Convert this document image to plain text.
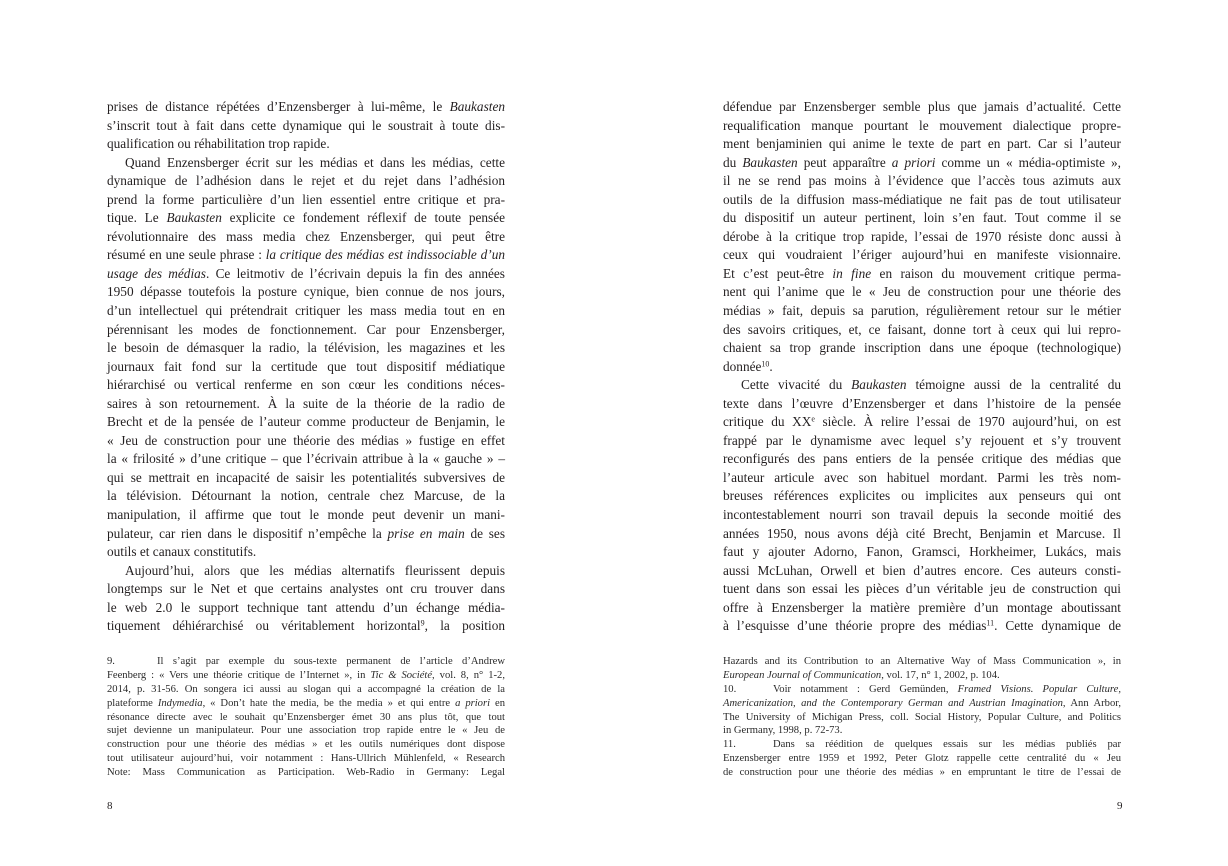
prises de distance répétées d’Enzensberger à lui-même, le Baukasten
s’inscrit tout à fait dans cette dynamique qui le soustrait à toute dis-
qualification ou réhabilitation trop rapide.
Quand Enzensberger écrit sur les médias et dans les médias, cette
dynamique de l’adhésion dans le rejet et du rejet dans l’adhésion
prend la forme particulière d’un lien essentiel entre critique et pra-
tique. Le Baukasten explicite ce fondement réflexif de toute pensée
révolutionnaire des mass media chez Enzensberger, qui peut être
résumé en une seule phrase : la critique des médias est indissociable d’un
usage des médias. Ce leitmotiv de l’écrivain depuis la fin des années
1950 dépasse toutefois la posture cynique, bien connue de nos jours,
d’un intellectuel qui prétendrait critiquer les mass media tout en en
pérennisant les modes de fonctionnement. Car pour Enzensberger,
le besoin de démasquer la radio, la télévision, les magazines et les
journaux fait fond sur la certitude que tout dispositif médiatique
hiérarchisé ou vertical renferme en son cœur les conditions néces-
saires à son retournement. À la suite de la théorie de la radio de
Brecht et de la pensée de l’auteur comme producteur de Benjamin, le
« Jeu de construction pour une théorie des médias » fustige en effet
la « frilosité » d’une critique – que l’écrivain attribue à la « gauche » –
qui se mettrait en incapacité de saisir les potentialités subversives de
la télévision. Détournant la notion, centrale chez Marcuse, de la
manipulation, il affirme que tout le monde peut devenir un mani-
pulateur, car rien dans le dispositif n’empêche la prise en main de ses
outils et canaux constitutifs.
Aujourd’hui, alors que les médias alternatifs fleurissent depuis
longtemps sur le Net et que certains analystes ont cru trouver dans
le web 2.0 le support technique tant attendu d’un échange média-
tiquement déhiérarchisé ou véritablement horizontal$^9$, la position
9.	Il s’agit par exemple du sous-texte permanent de l’article d’Andrew
Feenberg : « Vers une théorie critique de l’Internet », in Tic & Société, vol. 8, n° 1-2,
2014, p. 31-56. On songera ici aussi au slogan qui a accompagné la création de la
plateforme Indymedia, « Don’t hate the media, be the media » et qui entre a priori en
résonance directe avec le souhait qu’Enzensberger émet 30 ans plus tôt, que tout
sujet devienne un manipulateur. Pour une association trop rapide entre le « Jeu de
construction pour une théorie des médias » et les outils numériques dont dispose
tout utilisateur aujourd’hui, voir notamment : Hans-Ullrich Mühlenfeld, « Research
Note: Mass Communication as Participation. Web-Radio in Germany: Legal
8
défendue par Enzensberger semble plus que jamais d’actualité. Cette
requalification manque pourtant le mouvement dialectique propre-
ment benjaminien qui anime le texte de part en part. Car si l’auteur
du Baukasten peut apparaître a priori comme un « média-optimiste »,
il ne se rend pas moins à l’évidence que l’accès tous azimuts aux
outils de la diffusion mass-médiatique ne fait pas de tout utilisateur
du dispositif un auteur pertinent, loin s’en faut. Tout comme il se
dérobe à la critique trop rapide, l’essai de 1970 résiste donc aussi à
ceux qui voudraient l’ériger aujourd’hui en manifeste visionnaire.
Et c’est peut-être in fine en raison du mouvement critique perma-
nent qui l’anime que le « Jeu de construction pour une théorie des
médias » fait, depuis sa parution, régulièrement retour sur le métier
des savoirs critiques, et, ce faisant, donne tort à ceux qui lui repro-
chaient sa trop grande inscription dans une époque (technologique)
donnée$^{10}$.
Cette vivacité du Baukasten témoigne aussi de la centralité du
texte dans l’œuvre d’Enzensberger et dans l’histoire de la pensée
critique du XXe siècle. À relire l’essai de 1970 aujourd’hui, on est
frappé par le dynamisme avec lequel s’y rejouent et s’y trouvent
reconfigurés des pans entiers de la pensée critique des médias que
l’auteur articule avec son habituel mordant. Parmi les très nom-
breuses références explicites ou implicites aux penseurs qui ont
incontestablement nourri son travail depuis la seconde moitié des
années 1950, nous avons déjà cité Brecht, Benjamin et Marcuse. Il
faut y ajouter Adorno, Fanon, Gramsci, Horkheimer, Lukács, mais
aussi McLuhan, Orwell et bien d’autres encore. Ces auteurs consti-
tuent dans son essai les pièces d’un véritable jeu de construction qui
offre à Enzensberger la matière première d’un montage aboutissant
à l’esquisse d’une théorie propre des médias$^{11}$. Cette dynamique de
Hazards and its Contribution to an Alternative Way of Mass Communication », in
European Journal of Communication, vol. 17, n° 1, 2002, p. 104.
10.	Voir notamment : Gerd Gemünden, Framed Visions. Popular Culture,
Americanization, and the Contemporary German and Austrian Imagination, Ann Arbor,
The University of Michigan Press, coll. Social History, Popular Culture, and Politics
in Germany, 1998, p. 72-73.
11.	Dans sa réédition de quelques essais sur les médias publiés par
Enzensberger entre 1959 et 1992, Peter Glotz rappelle cette centralité du « Jeu
de construction pour une théorie des médias » en empruntant le titre de l’essai de
9
